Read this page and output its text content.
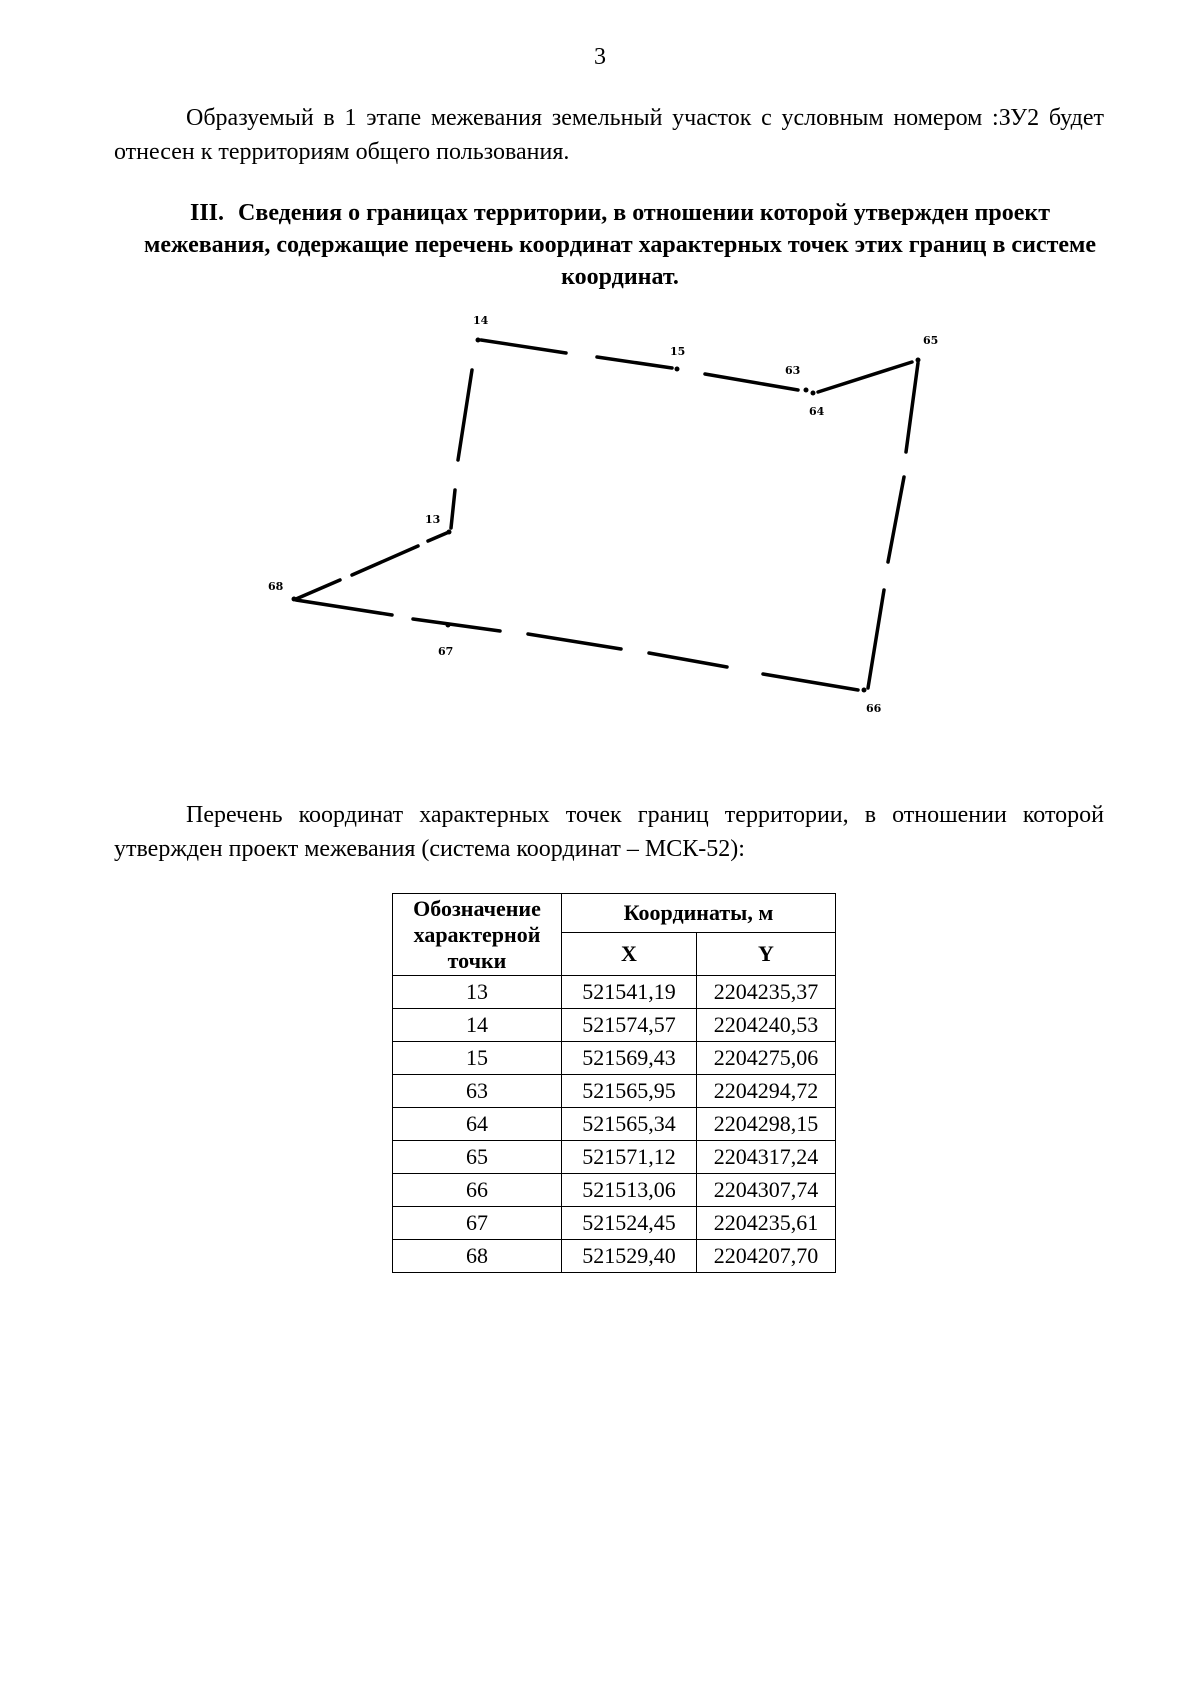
3
Образуемый в 1 этапе межевания земельный участок с условным номером :ЗУ2 будет отнесен к территориям общего пользования.
III. Сведения о границах территории, в отношении которой утвержден проект межевания, содержащие перечень координат характерных точек этих границ в системе координат.
13
14
15
63
64
65
66
67
68
Перечень координат характерных точек границ территории, в отношении которой утвержден проект межевания (система координат – МСК-52):
Обозначение характерной точки	Координаты, м	
	X	Y
13	521541,19	2204235,37
14	521574,57	2204240,53
15	521569,43	2204275,06
63	521565,95	2204294,72
64	521565,34	2204298,15
65	521571,12	2204317,24
66	521513,06	2204307,74
67	521524,45	2204235,61
68	521529,40	2204207,70
